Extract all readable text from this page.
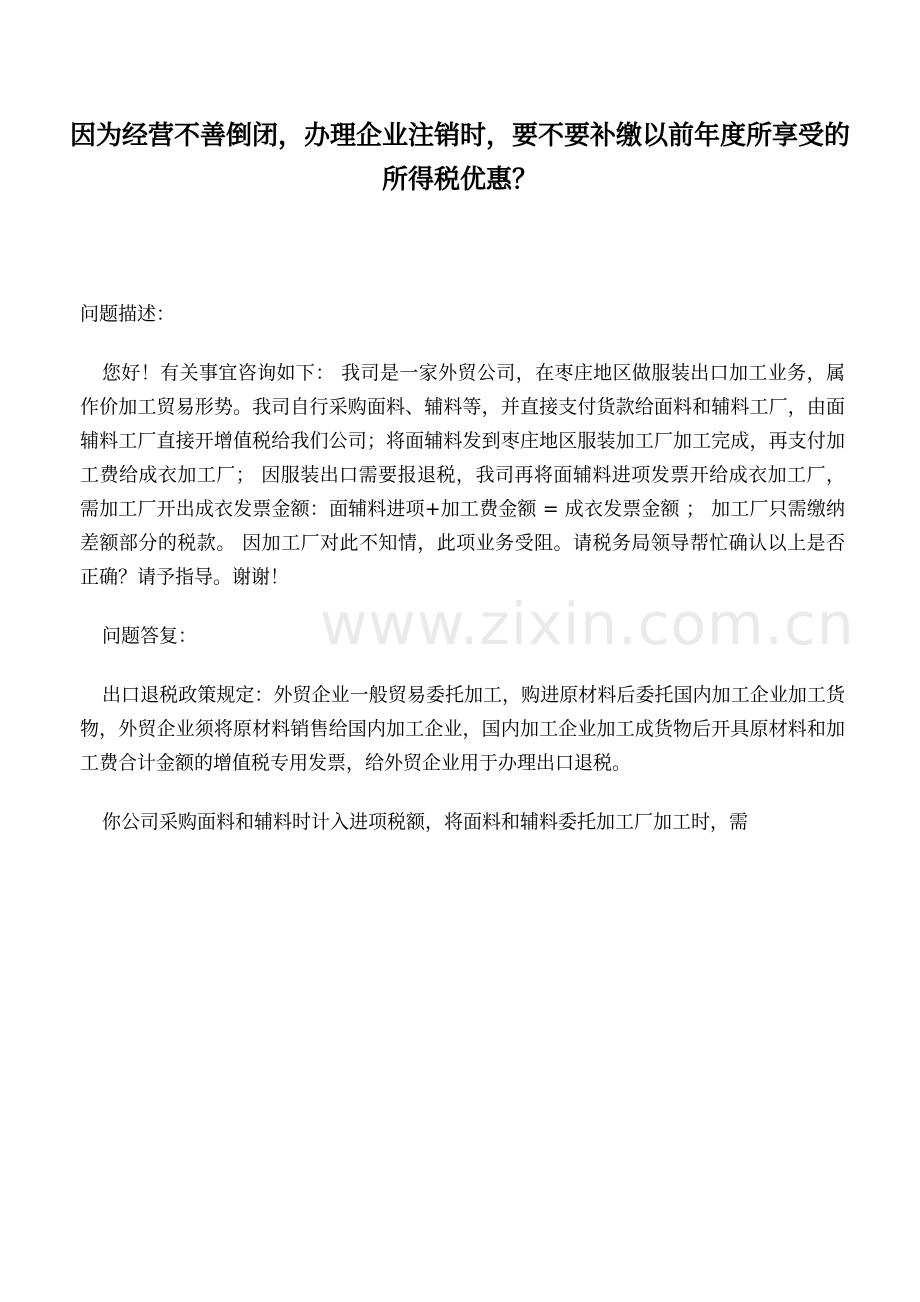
因为经营不善倒闭，办理企业注销时，要不要补缴以前年度所享受的所得税优惠？

问题描述：

您好！有关事宜咨询如下： 我司是一家外贸公司，在枣庄地区做服装出口加工业务，属作价加工贸易形势。我司自行采购面料、辅料等，并直接支付货款给面料和辅料工厂，由面辅料工厂直接开增值税给我们公司；将面辅料发到枣庄地区服装加工厂加工完成，再支付加工费给成衣加工厂； 因服装出口需要报退税，我司再将面辅料进项发票开给成衣加工厂，需加工厂开出成衣发票金额：面辅料进项+加工费金额 = 成衣发票金额 ； 加工厂只需缴纳差额部分的税款。 因加工厂对此不知情，此项业务受阻。请税务局领导帮忙确认以上是否正确？请予指导。谢谢！

问题答复：

出口退税政策规定：外贸企业一般贸易委托加工，购进原材料后委托国内加工企业加工货物，外贸企业须将原材料销售给国内加工企业，国内加工企业加工成货物后开具原材料和加工费合计金额的增值税专用发票，给外贸企业用于办理出口退税。

你公司采购面料和辅料时计入进项税额，将面料和辅料委托加工厂加工时，需

www.zixin.com.cn
